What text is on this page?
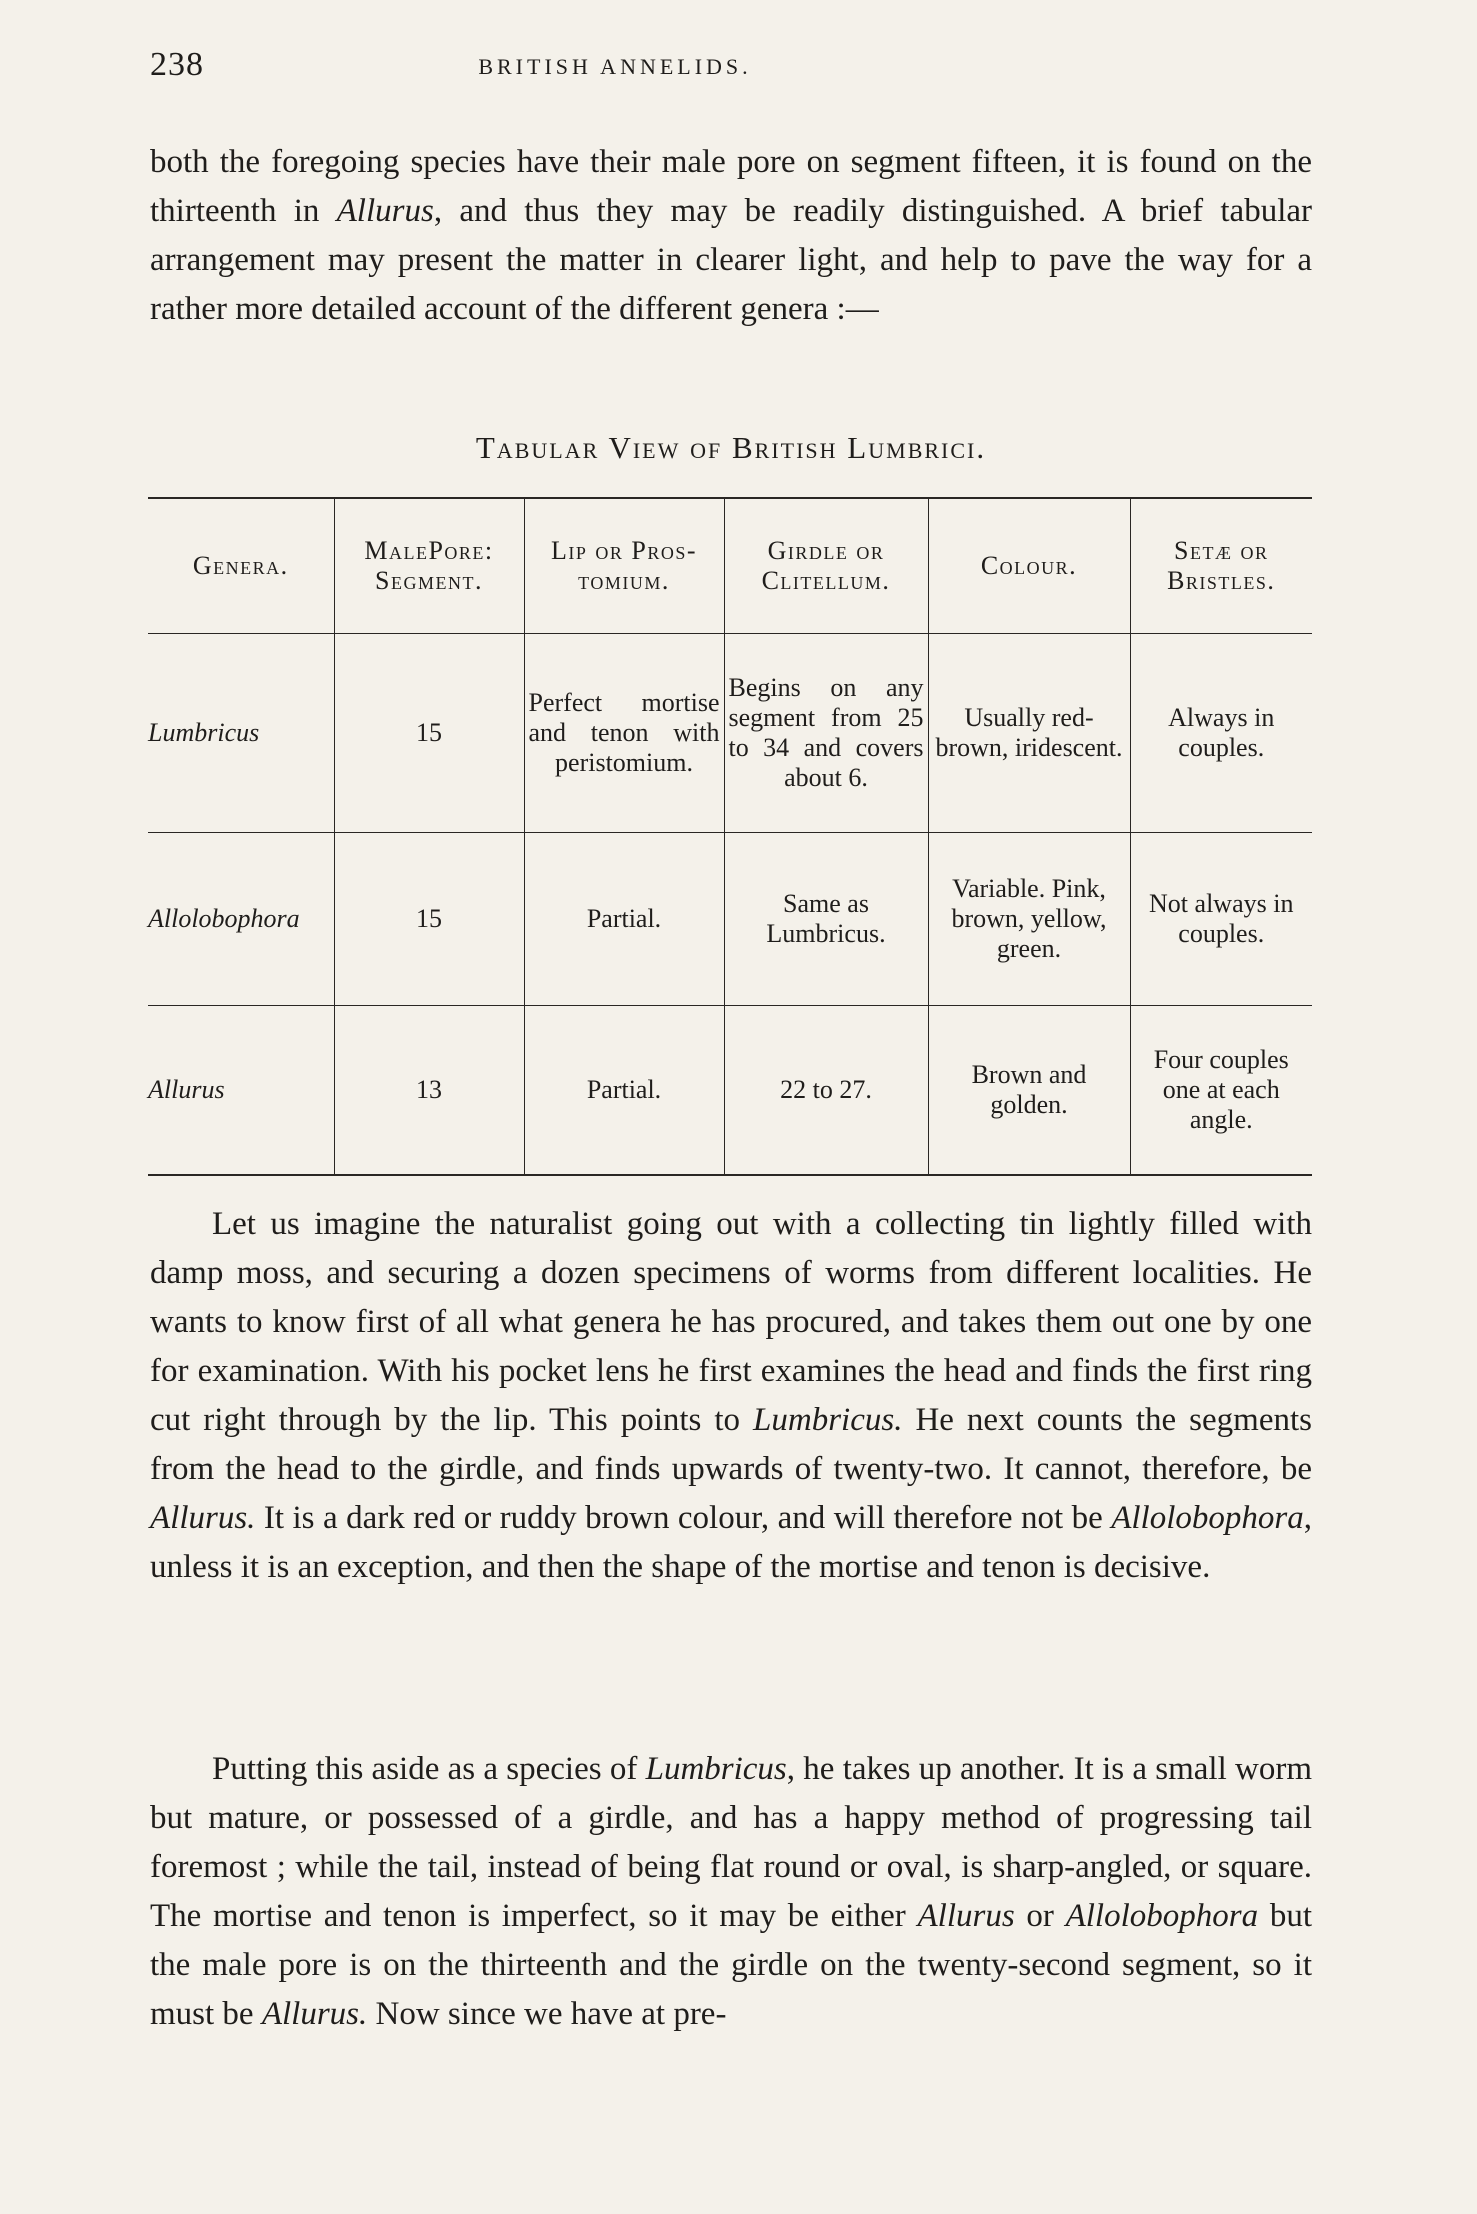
238	BRITISH ANNELIDS.

both the foregoing species have their male pore on segment fifteen, it is found on the thirteenth in Allurus, and thus they may be readily distinguished. A brief tabular arrangement may present the matter in clearer light, and help to pave the way for a rather more detailed account of the different genera :—

Tabular View of British Lumbrici.
Genera.	MalePore: Segment.	Lip or Pros-tomium.	Girdle or Clitellum.	Colour.	Setæ or Bristles.
Lumbricus	15	Perfect mortise and tenon with peristomium.	Begins on any segment from 25 to 34 and covers about 6.	Usually red-brown, iridescent.	Always in couples.
Allolobophora	15	Partial.	Same as Lumbricus.	Variable. Pink, brown, yellow, green.	Not always in couples.
Allurus	13	Partial.	22 to 27.	Brown and golden.	Four couples one at each angle.

Let us imagine the naturalist going out with a collecting tin lightly filled with damp moss, and securing a dozen specimens of worms from different localities. He wants to know first of all what genera he has procured, and takes them out one by one for examination. With his pocket lens he first examines the head and finds the first ring cut right through by the lip. This points to Lumbricus. He next counts the segments from the head to the girdle, and finds upwards of twenty-two. It cannot, therefore, be Allurus. It is a dark red or ruddy brown colour, and will therefore not be Allolobophora, unless it is an exception, and then the shape of the mortise and tenon is decisive.

Putting this aside as a species of Lumbricus, he takes up another. It is a small worm but mature, or possessed of a girdle, and has a happy method of progressing tail foremost ; while the tail, instead of being flat round or oval, is sharp-angled, or square. The mortise and tenon is imperfect, so it may be either Allurus or Allolobophora but the male pore is on the thirteenth and the girdle on the twenty-second segment, so it must be Allurus. Now since we have at pre-
